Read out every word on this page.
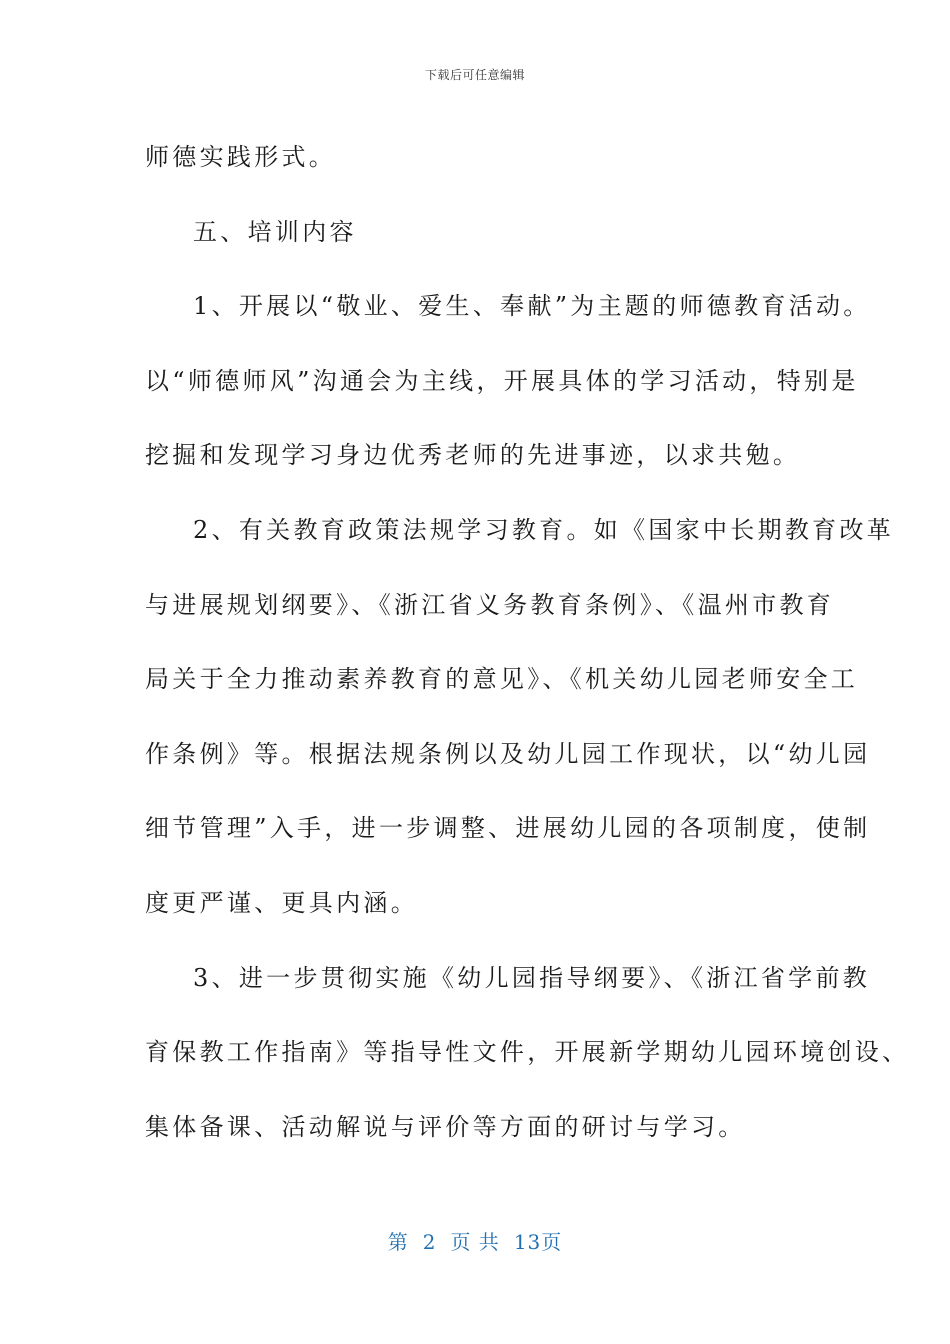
下载后可任意编辑
师德实践形式。
五、培训内容
1、开展以“敬业、爱生、奉献”为主题的师德教育活动。
以“师德师风”沟通会为主线，开展具体的学习活动，特别是
挖掘和发现学习身边优秀老师的先进事迹，以求共勉。
2、有关教育政策法规学习教育。如《国家中长期教育改革
与进展规划纲要》、《浙江省义务教育条例》、《温州市教育
局关于全力推动素养教育的意见》、《机关幼儿园老师安全工
作条例》等。根据法规条例以及幼儿园工作现状，以“幼儿园
细节管理”入手，进一步调整、进展幼儿园的各项制度，使制
度更严谨、更具内涵。
3、进一步贯彻实施《幼儿园指导纲要》、《浙江省学前教
育保教工作指南》等指导性文件，开展新学期幼儿园环境创设、
集体备课、活动解说与评价等方面的研讨与学习。
第 2 页 共 13页
